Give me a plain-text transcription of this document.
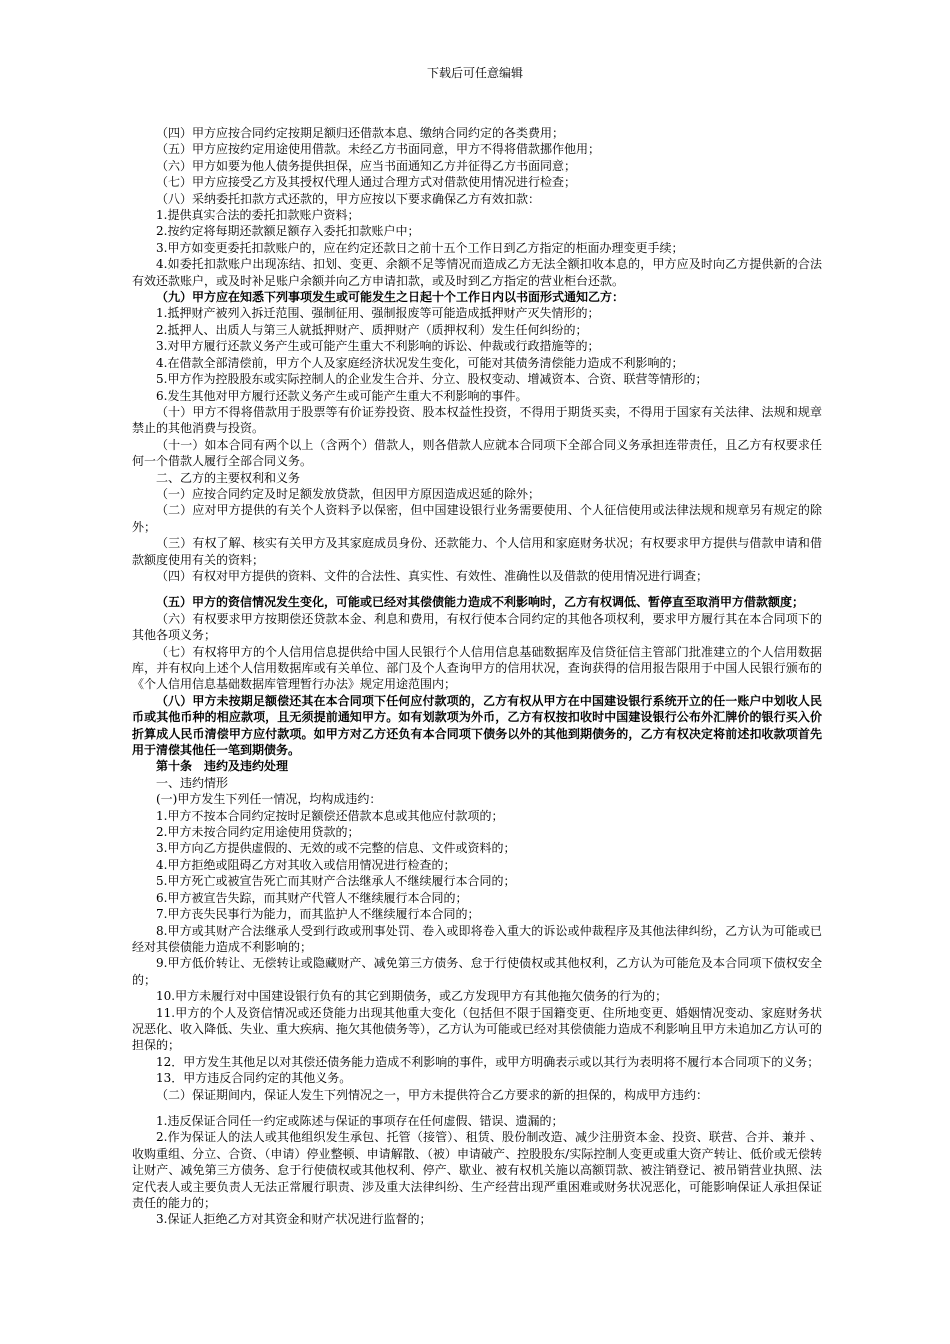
下载后可任意编辑

（四）甲方应按合同约定按期足额归还借款本息、缴纳合同约定的各类费用；

（五）甲方应按约定用途使用借款。未经乙方书面同意，甲方不得将借款挪作他用；

（六）甲方如要为他人债务提供担保，应当书面通知乙方并征得乙方书面同意；

（七）甲方应接受乙方及其授权代理人通过合理方式对借款使用情况进行检查；

（八）采纳委托扣款方式还款的，甲方应按以下要求确保乙方有效扣款：

1.提供真实合法的委托扣款账户资料；

2.按约定将每期还款额足额存入委托扣款账户中；

3.甲方如变更委托扣款账户的，应在约定还款日之前十五个工作日到乙方指定的柜面办理变更手续；

4.如委托扣款账户出现冻结、扣划、变更、余额不足等情况而造成乙方无法全额扣收本息的，甲方应及时向乙方提供新的合法有效还款账户，或及时补足账户余额并向乙方申请扣款，或及时到乙方指定的营业柜台还款。

（九）甲方应在知悉下列事项发生或可能发生之日起十个工作日内以书面形式通知乙方：

1.抵押财产被列入拆迁范围、强制征用、强制报废等可能造成抵押财产灭失情形的；

2.抵押人、出质人与第三人就抵押财产、质押财产（质押权利）发生任何纠纷的；

3.对甲方履行还款义务产生或可能产生重大不利影响的诉讼、仲裁或行政措施等的；

4.在借款全部清偿前，甲方个人及家庭经济状况发生变化，可能对其债务清偿能力造成不利影响的；

5.甲方作为控股股东或实际控制人的企业发生合并、分立、股权变动、增减资本、合资、联营等情形的；

6.发生其他对甲方履行还款义务产生或可能产生重大不利影响的事件。

（十）甲方不得将借款用于股票等有价证券投资、股本权益性投资，不得用于期货买卖，不得用于国家有关法律、法规和规章禁止的其他消费与投资。

（十一）如本合同有两个以上（含两个）借款人，则各借款人应就本合同项下全部合同义务承担连带责任，且乙方有权要求任何一个借款人履行全部合同义务。

二、乙方的主要权利和义务

（一）应按合同约定及时足额发放贷款，但因甲方原因造成迟延的除外；

（二）应对甲方提供的有关个人资料予以保密，但中国建设银行业务需要使用、个人征信使用或法律法规和规章另有规定的除外；

（三）有权了解、核实有关甲方及其家庭成员身份、还款能力、个人信用和家庭财务状况；有权要求甲方提供与借款申请和借款额度使用有关的资料；

（四）有权对甲方提供的资料、文件的合法性、真实性、有效性、准确性以及借款的使用情况进行调查；

（五）甲方的资信情况发生变化，可能或已经对其偿债能力造成不利影响时，乙方有权调低、暂停直至取消甲方借款额度；

（六）有权要求甲方按期偿还贷款本金、利息和费用，有权行使本合同约定的其他各项权利，要求甲方履行其在本合同项下的其他各项义务；

（七）有权将甲方的个人信用信息提供给中国人民银行个人信用信息基础数据库及信贷征信主管部门批准建立的个人信用数据库，并有权向上述个人信用数据库或有关单位、部门及个人查询甲方的信用状况，查询获得的信用报告限用于中国人民银行颁布的《个人信用信息基础数据库管理暂行办法》规定用途范围内；

（八）甲方未按期足额偿还其在本合同项下任何应付款项的，乙方有权从甲方在中国建设银行系统开立的任一账户中划收人民币或其他币种的相应款项，且无须提前通知甲方。如有划款项为外币，乙方有权按扣收时中国建设银行公布外汇牌价的银行买入价折算成人民币清偿甲方应付款项。如甲方对乙方还负有本合同项下债务以外的其他到期债务的，乙方有权决定将前述扣收款项首先用于清偿其他任一笔到期债务。

第十条　违约及违约处理

一、违约情形

(一)甲方发生下列任一情况，均构成违约：

1.甲方不按本合同约定按时足额偿还借款本息或其他应付款项的；

2.甲方未按合同约定用途使用贷款的；

3.甲方向乙方提供虚假的、无效的或不完整的信息、文件或资料的；

4.甲方拒绝或阻碍乙方对其收入或信用情况进行检查的；

5.甲方死亡或被宣告死亡而其财产合法继承人不继续履行本合同的；

6.甲方被宣告失踪，而其财产代管人不继续履行本合同的；

7.甲方丧失民事行为能力，而其监护人不继续履行本合同的；

8.甲方或其财产合法继承人受到行政或刑事处罚、卷入或即将卷入重大的诉讼或仲裁程序及其他法律纠纷，乙方认为可能或已经对其偿债能力造成不利影响的；

9.甲方低价转让、无偿转让或隐藏财产、减免第三方债务、怠于行使债权或其他权利，乙方认为可能危及本合同项下债权安全的；

10.甲方未履行对中国建设银行负有的其它到期债务，或乙方发现甲方有其他拖欠债务的行为的；

11.甲方的个人及资信情况或还贷能力出现其他重大变化（包括但不限于国籍变更、住所地变更、婚姻情况变动、家庭财务状况恶化、收入降低、失业、重大疾病、拖欠其他债务等），乙方认为可能或已经对其偿债能力造成不利影响且甲方未追加乙方认可的担保的；

12．甲方发生其他足以对其偿还债务能力造成不利影响的事件，或甲方明确表示或以其行为表明将不履行本合同项下的义务；

13．甲方违反合同约定的其他义务。

（二）保证期间内，保证人发生下列情况之一，甲方未提供符合乙方要求的新的担保的，构成甲方违约：

1.违反保证合同任一约定或陈述与保证的事项存在任何虚假、错误、遗漏的；

2.作为保证人的法人或其他组织发生承包、托管（接管）、租赁、股份制改造、减少注册资本金、投资、联营、合并、兼并 、收购重组、分立、合资、（申请）停业整顿、申请解散、（被）申请破产、控股股东/实际控制人变更或重大资产转让、低价或无偿转让财产、减免第三方债务、怠于行使债权或其他权利、停产、歇业、被有权机关施以高额罚款、被注销登记、被吊销营业执照、法定代表人或主要负责人无法正常履行职责、涉及重大法律纠纷、生产经营出现严重困难或财务状况恶化，可能影响保证人承担保证责任的能力的；

3.保证人拒绝乙方对其资金和财产状况进行监督的；
